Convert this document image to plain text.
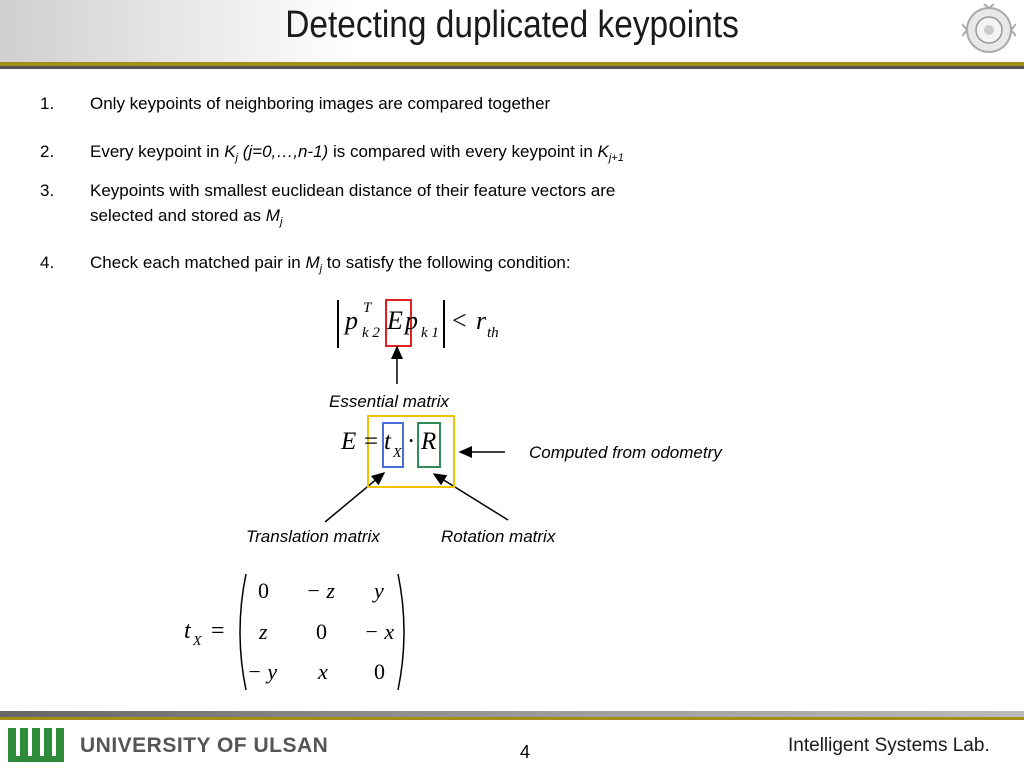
Detecting duplicated keypoints
1.	Only keypoints of neighboring images are compared together
2.	Every keypoint in $K_j$ (j=0,…,n-1) is compared with every keypoint in $K_{j+1}$
3.	Keypoints with smallest euclidean distance of their feature vectors are
selected and stored as $M_j$
4.	Check each matched pair in $M_j$ to satisfy the following condition:
p T
k 2 E p k 1 < r th
Essential matrix
E = t X · R	Computed from odometry
Translation matrix	Rotation matrix
t X =
0 − z y
z 0 − x
− y x 0
UNIVERSITY OF ULSAN	4	Intelligent Systems Lab.
